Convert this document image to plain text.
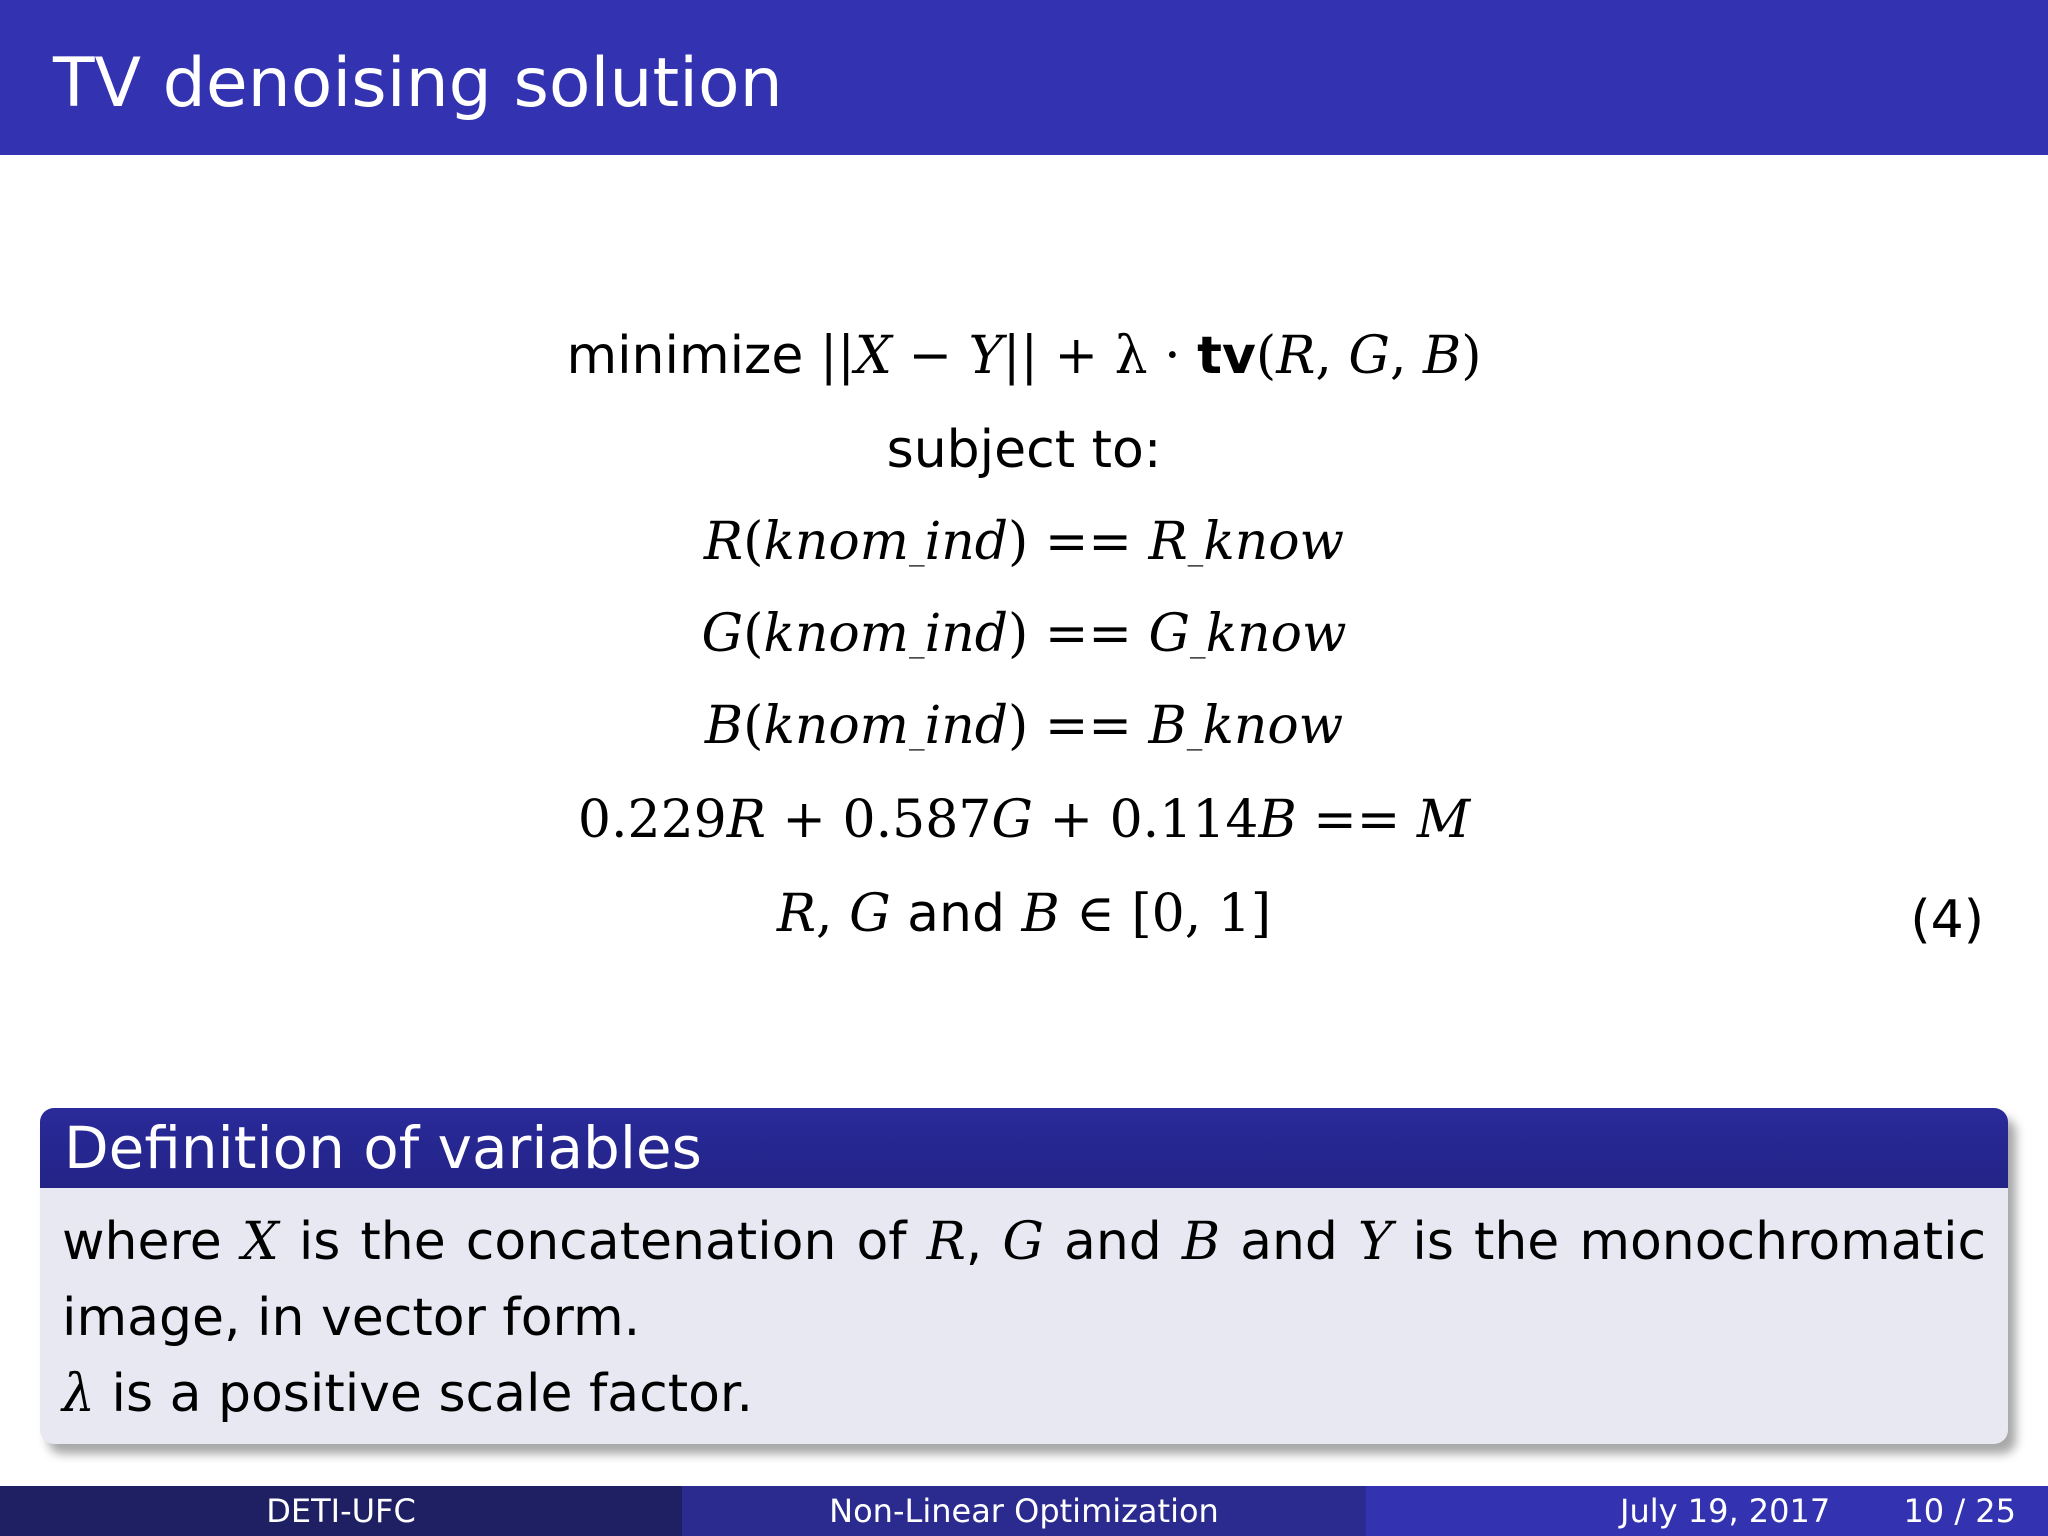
TV denoising solution
minimize ||X − Y|| + λ · tv(R, G, B)
subject to:
R(knom_ind) == R_know
G(knom_ind) == G_know
B(knom_ind) == B_know
0.229R + 0.587G + 0.114B == M
R, G and B ∈ [0, 1]	(4)
Definition of variables
where X is the concatenation of R, G and B and Y is the monochromatic image, in vector form.
λ is a positive scale factor.
DETI-UFC	Non-Linear Optimization	July 19, 2017 10 / 25
